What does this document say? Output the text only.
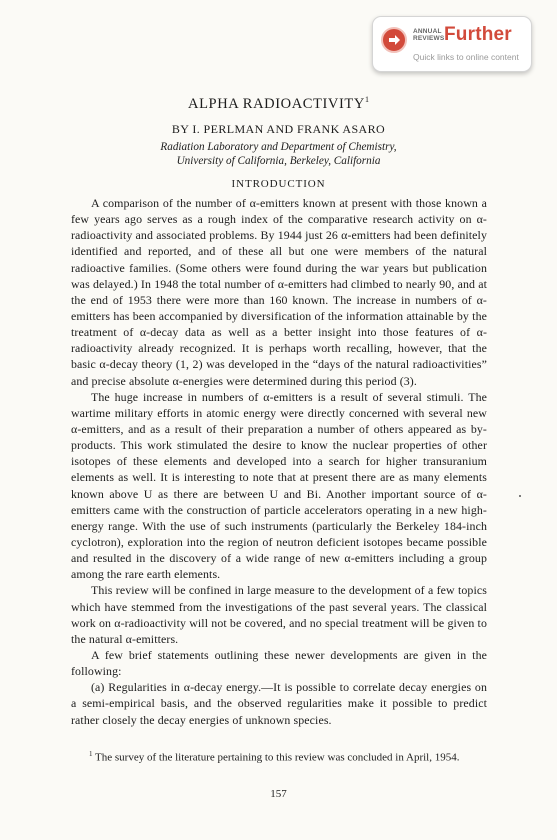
ANNUAL
REVIEWS Further
Quick links to online content
ALPHA RADIOACTIVITY$^1$
BY I. PERLMAN AND FRANK ASARO
Radiation Laboratory and Department of Chemistry,
University of California, Berkeley, California
INTRODUCTION

A comparison of the number of α-emitters known at present with those known a few years ago serves as a rough index of the comparative research activity on α-radioactivity and associated problems. By 1944 just 26 α-emitters had been definitely identified and reported, and of these all but one were members of the natural radioactive families. (Some others were found during the war years but publication was delayed.) In 1948 the total number of α-emitters had climbed to nearly 90, and at the end of 1953 there were more than 160 known. The increase in numbers of α-emitters has been accompanied by diversification of the information attainable by the treatment of α-decay data as well as a better insight into those features of α-radioactivity already recognized. It is perhaps worth recalling, however, that the basic α-decay theory (1, 2) was developed in the “days of the natural radioactivities” and precise absolute α-energies were determined during this period (3).

The huge increase in numbers of α-emitters is a result of several stimuli. The wartime military efforts in atomic energy were directly concerned with several new α-emitters, and as a result of their preparation a number of others appeared as by-products. This work stimulated the desire to know the nuclear properties of other isotopes of these elements and developed into a search for higher transuranium elements as well. It is interesting to note that at present there are as many elements known above U as there are between U and Bi. Another important source of α-emitters came with the construction of particle accelerators operating in a new high-energy range. With the use of such instruments (particularly the Berkeley 184-inch cyclotron), exploration into the region of neutron deficient isotopes became possible and resulted in the discovery of a wide range of new α-emitters including a group among the rare earth elements.

This review will be confined in large measure to the development of a few topics which have stemmed from the investigations of the past several years. The classical work on α-radioactivity will not be covered, and no special treatment will be given to the natural α-emitters.

A few brief statements outlining these newer developments are given in the following:

(a) Regularities in α-decay energy.—It is possible to correlate decay energies on a semi-empirical basis, and the observed regularities make it possible to predict rather closely the decay energies of unknown species.

$^1$ The survey of the literature pertaining to this review was concluded in April, 1954.
157
